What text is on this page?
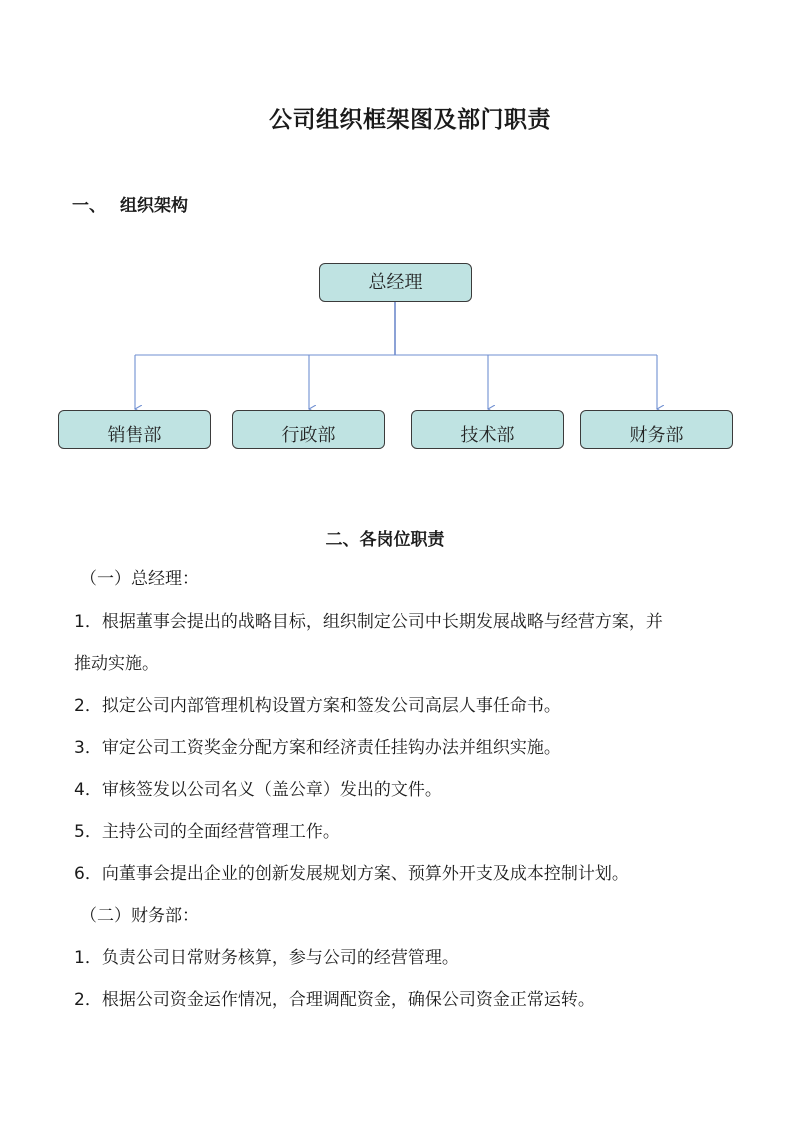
公司组织框架图及部门职责
一、 组织架构
总经理
销售部	行政部	技术部	财务部
二、各岗位职责
（一）总经理：
1．根据董事会提出的战略目标，组织制定公司中长期发展战略与经营方案，并
推动实施。
2．拟定公司内部管理机构设置方案和签发公司高层人事任命书。
3．审定公司工资奖金分配方案和经济责任挂钩办法并组织实施。
4．审核签发以公司名义（盖公章）发出的文件。
5．主持公司的全面经营管理工作。
6．向董事会提出企业的创新发展规划方案、预算外开支及成本控制计划。
（二）财务部：
1．负责公司日常财务核算，参与公司的经营管理。
2．根据公司资金运作情况，合理调配资金，确保公司资金正常运转。
